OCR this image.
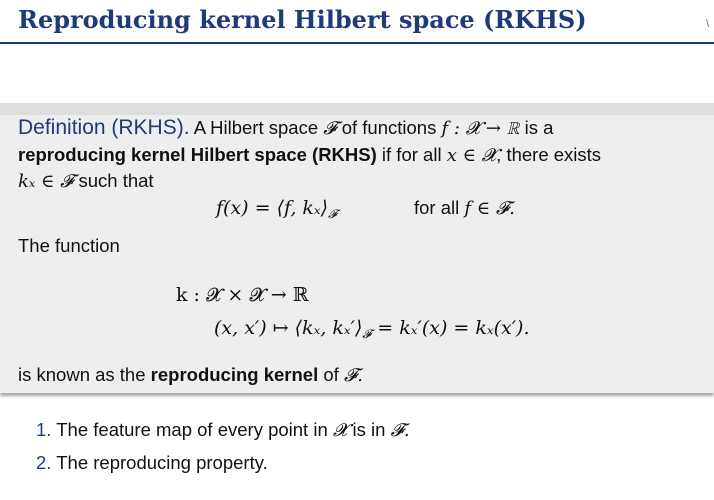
Reproducing kernel Hilbert space (RKHS)	\
Definition (RKHS). A Hilbert space 𝓕 of functions f : 𝓧 → ℝ is a
reproducing kernel Hilbert space (RKHS) if for all x ∈ 𝓧, there exists
kₓ ∈ 𝓕 such that
f(x) = ⟨f, $k_x⟩_𝓕$	for all f ∈ 𝓕.
The function
k : 𝓧 × 𝓧 → ℝ
(x, x′) ↦ ⟨kₓ, $k_x'⟩_𝓕 = k_x'(x) = k_x(x')$.
is known as the reproducing kernel of 𝓕.
1. The feature map of every point in 𝓧 is in 𝓕.
2. The reproducing property.
